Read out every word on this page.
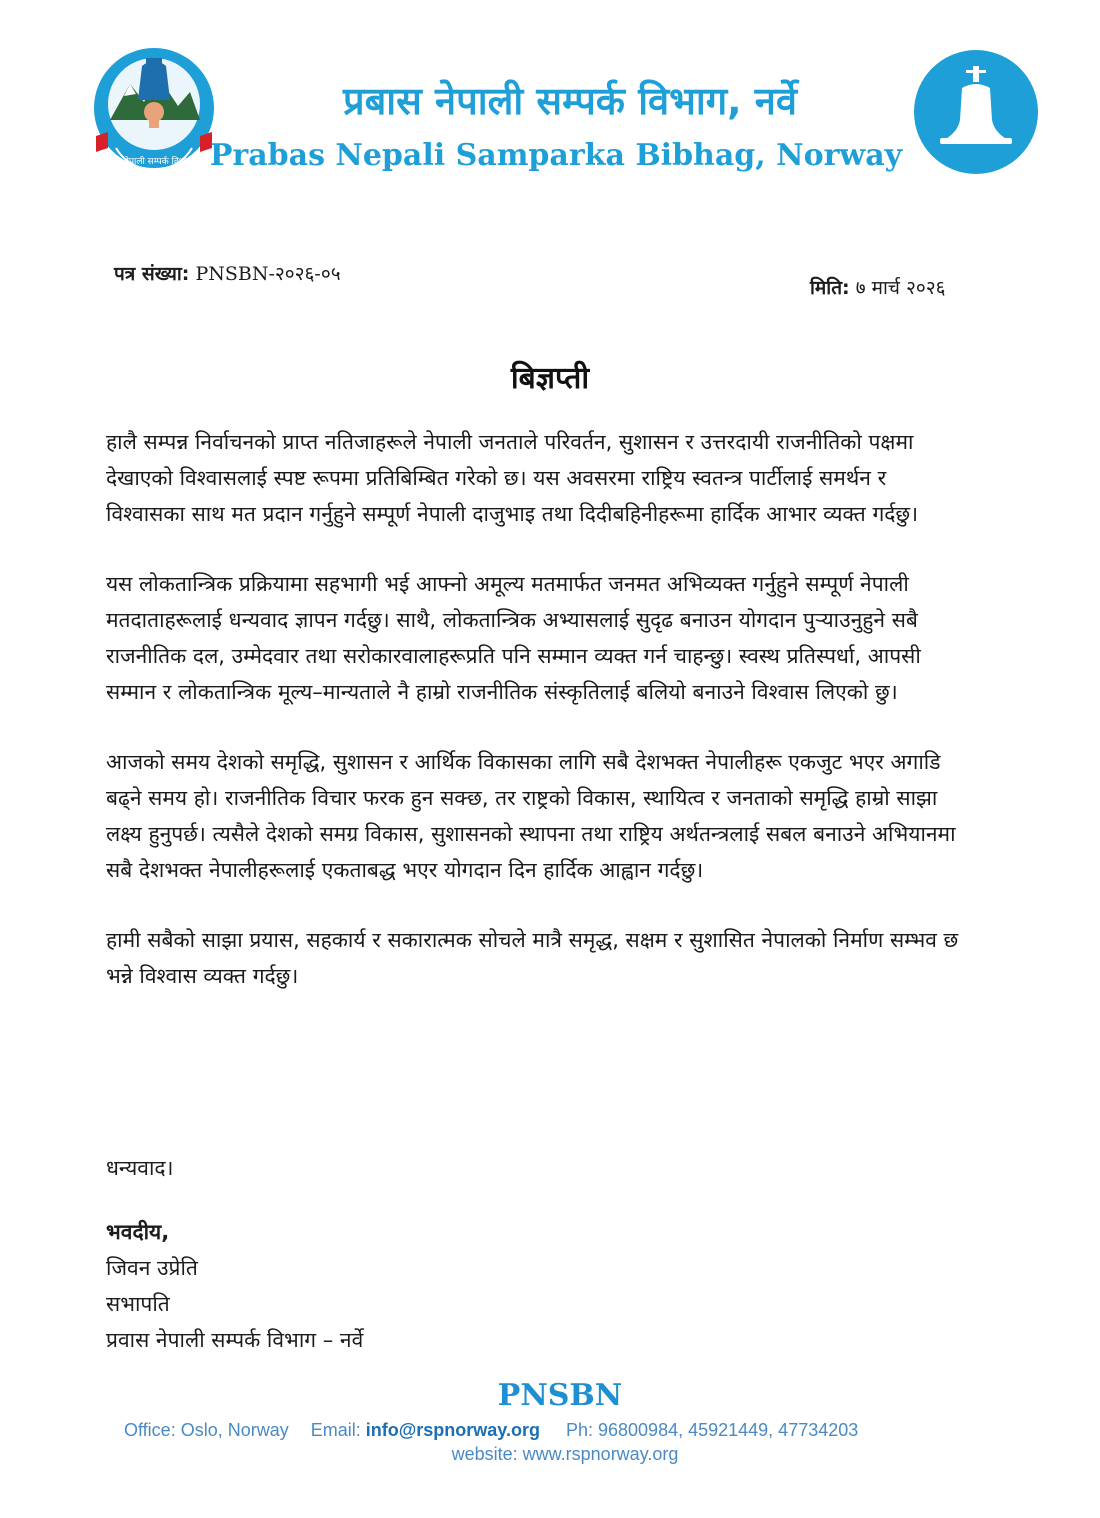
प्रवास नेपाली सम्पर्क विभाग नर्वे
प्रबास नेपाली सम्पर्क विभाग, नर्वे
Prabas Nepali Samparka Bibhag, Norway
पत्र संख्या: PNSBN-२०२६-०५
मिति: ७ मार्च २०२६
बिज्ञप्ती

हालै सम्पन्न निर्वाचनको प्राप्त नतिजाहरूले नेपाली जनताले परिवर्तन, सुशासन र उत्तरदायी राजनीतिको पक्षमा देखाएको विश्वासलाई स्पष्ट रूपमा प्रतिबिम्बित गरेको छ। यस अवसरमा राष्ट्रिय स्वतन्त्र पार्टीलाई समर्थन र विश्वासका साथ मत प्रदान गर्नुहुने सम्पूर्ण नेपाली दाजुभाइ तथा दिदीबहिनीहरूमा हार्दिक आभार व्यक्त गर्दछु।

यस लोकतान्त्रिक प्रक्रियामा सहभागी भई आफ्नो अमूल्य मतमार्फत जनमत अभिव्यक्त गर्नुहुने सम्पूर्ण नेपाली मतदाताहरूलाई धन्यवाद ज्ञापन गर्दछु। साथै, लोकतान्त्रिक अभ्यासलाई सुदृढ बनाउन योगदान पुऱ्याउनुहुने सबै राजनीतिक दल, उम्मेदवार तथा सरोकारवालाहरूप्रति पनि सम्मान व्यक्त गर्न चाहन्छु। स्वस्थ प्रतिस्पर्धा, आपसी सम्मान र लोकतान्त्रिक मूल्य–मान्यताले नै हाम्रो राजनीतिक संस्कृतिलाई बलियो बनाउने विश्वास लिएको छु।

आजको समय देशको समृद्धि, सुशासन र आर्थिक विकासका लागि सबै देशभक्त नेपालीहरू एकजुट भएर अगाडि बढ्ने समय हो। राजनीतिक विचार फरक हुन सक्छ, तर राष्ट्रको विकास, स्थायित्व र जनताको समृद्धि हाम्रो साझा लक्ष्य हुनुपर्छ। त्यसैले देशको समग्र विकास, सुशासनको स्थापना तथा राष्ट्रिय अर्थतन्त्रलाई सबल बनाउने अभियानमा सबै देशभक्त नेपालीहरूलाई एकताबद्ध भएर योगदान दिन हार्दिक आह्वान गर्दछु।

हामी सबैको साझा प्रयास, सहकार्य र सकारात्मक सोचले मात्रै समृद्ध, सक्षम र सुशासित नेपालको निर्माण सम्भव छ भन्ने विश्वास व्यक्त गर्दछु।

धन्यवाद।
भवदीय,
जिवन उप्रेति
सभापति
प्रवास नेपाली सम्पर्क विभाग – नर्वे
PNSBN
Office: Oslo, Norway Email: info@rspnorway.org Ph: 96800984, 45921449, 47734203
website: www.rspnorway.org
